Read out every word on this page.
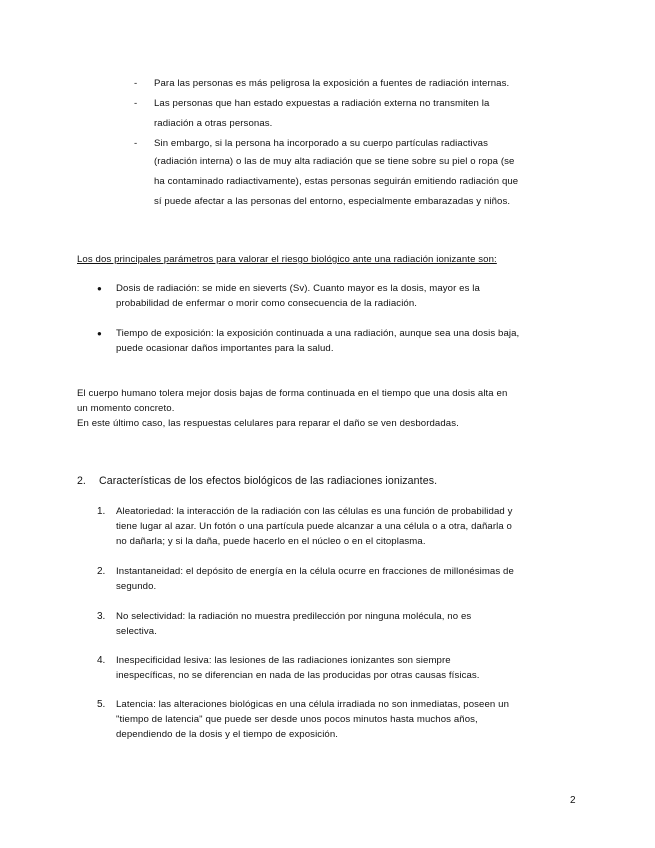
- Para las personas es más peligrosa la exposición a fuentes de radiación internas.
- Las personas que han estado expuestas a radiación externa no transmiten la
radiación a otras personas.
- Sin embargo, si la persona ha incorporado a su cuerpo partículas radiactivas
(radiación interna) o las de muy alta radiación que se tiene sobre su piel o ropa (se
ha contaminado radiactivamente), estas personas seguirán emitiendo radiación que
sí puede afectar a las personas del entorno, especialmente embarazadas y niños.
Los dos principales parámetros para valorar el riesgo biológico ante una radiación ionizante son:
● Dosis de radiación: se mide en sieverts (Sv). Cuanto mayor es la dosis, mayor es la
probabilidad de enfermar o morir como consecuencia de la radiación.
● Tiempo de exposición: la exposición continuada a una radiación, aunque sea una dosis baja,
puede ocasionar daños importantes para la salud.
El cuerpo humano tolera mejor dosis bajas de forma continuada en el tiempo que una dosis alta en
un momento concreto.
En este último caso, las respuestas celulares para reparar el daño se ven desbordadas.
2. Características de los efectos biológicos de las radiaciones ionizantes.
1. Aleatoriedad: la interacción de la radiación con las células es una función de probabilidad y
tiene lugar al azar. Un fotón o una partícula puede alcanzar a una célula o a otra, dañarla o
no dañarla; y si la daña, puede hacerlo en el núcleo o en el citoplasma.
2. Instantaneidad: el depósito de energía en la célula ocurre en fracciones de millonésimas de
segundo.
3. No selectividad: la radiación no muestra predilección por ninguna molécula, no es
selectiva.
4. Inespecificidad lesiva: las lesiones de las radiaciones ionizantes son siempre
inespecíficas, no se diferencian en nada de las producidas por otras causas físicas.
5. Latencia: las alteraciones biológicas en una célula irradiada no son inmediatas, poseen un
"tiempo de latencia" que puede ser desde unos pocos minutos hasta muchos años,
dependiendo de la dosis y el tiempo de exposición.
2
